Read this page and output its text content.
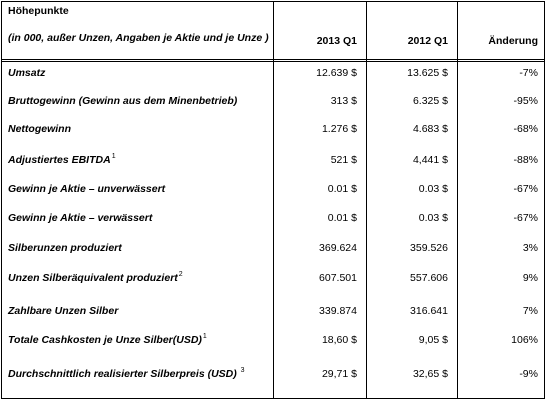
Höhepunkte
(in 000, außer Unzen, Angaben je Aktie und je Unze )	2013 Q1	2012 Q1	Änderung
Umsatz	12.639 $	13.625 $	-7%
Bruttogewinn (Gewinn aus dem Minenbetrieb)	313 $	6.325 $	-95%
Nettogewinn	1.276 $	4.683 $	-68%
Adjustiertes EBITDA$^1$	521 $	4,441 $	-88%
Gewinn je Aktie – unverwässert	0.01 $	0.03 $	-67%
Gewinn je Aktie – verwässert	0.01 $	0.03 $	-67%
Silberunzen produziert	369.624	359.526	3%
Unzen Silberäquivalent produziert$^2$	607.501	557.606	9%
Zahlbare Unzen Silber	339.874	316.641	7%
Totale Cashkosten je Unze Silber(USD)$^1$	18,60 $	9,05 $	106%
Durchschnittlich realisierter Silberpreis (USD) $^3$	29,71 $	32,65 $	-9%
